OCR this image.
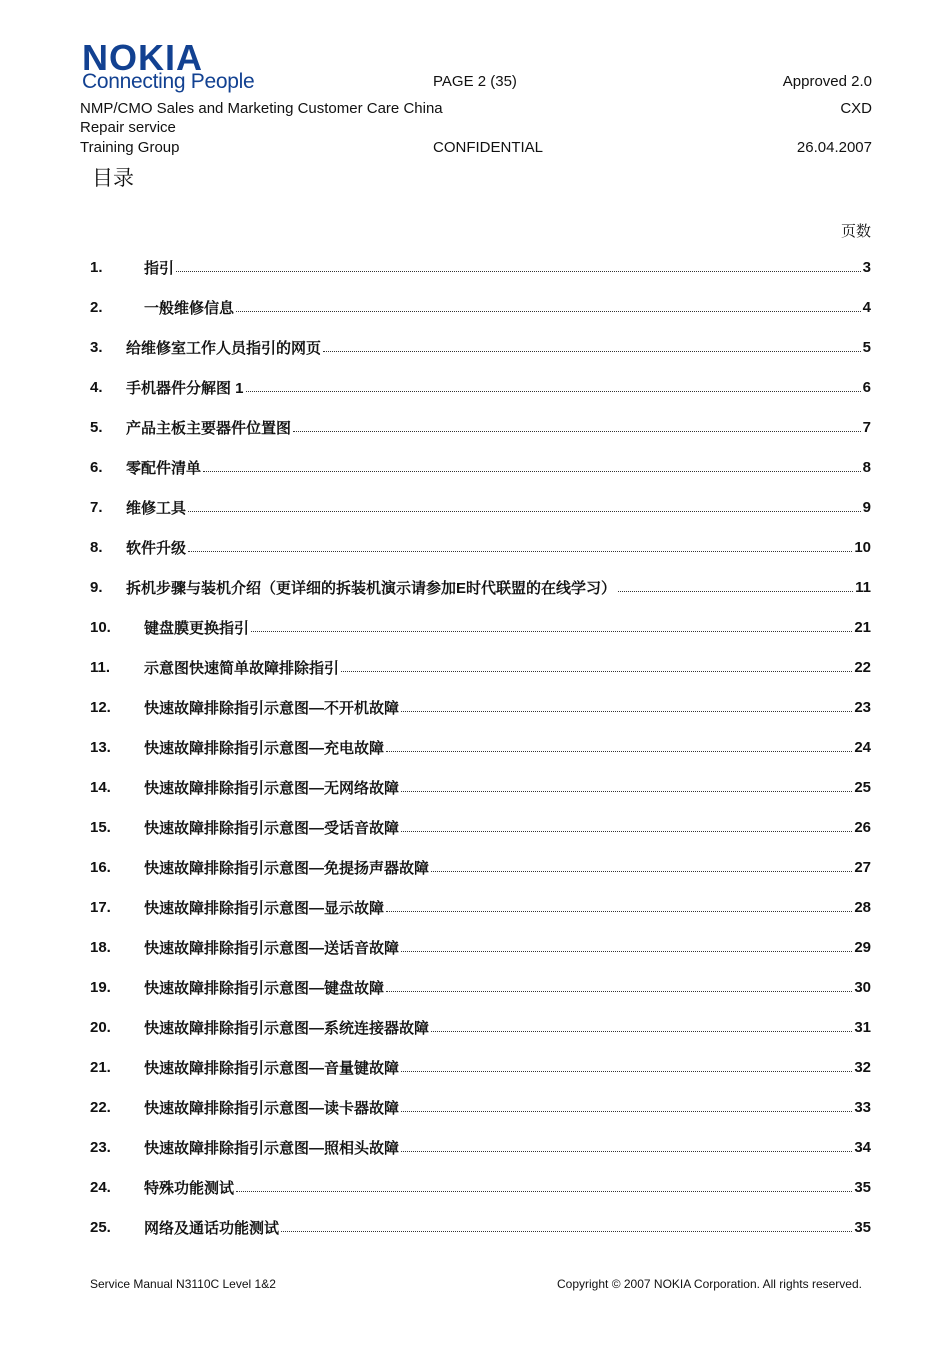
NOKIA
Connecting People	PAGE 2 (35)	Approved 2.0
NMP/CMO Sales and Marketing Customer Care China	CXD
Repair service
Training Group	CONFIDENTIAL	26.04.2007
目录
页数
1.	指引	3
2.	一般维修信息	4
3.	给维修室工作人员指引的网页	5
4.	手机器件分解图 1	6
5.	产品主板主要器件位置图	7
6.	零配件清单	8
7.	维修工具	9
8.	软件升级	10
9.	拆机步骤与装机介绍（更详细的拆装机演示请参加E时代联盟的在线学习）	11
10.	键盘膜更换指引	21
11.	示意图快速简单故障排除指引	22
12.	快速故障排除指引示意图—不开机故障	23
13.	快速故障排除指引示意图—充电故障	24
14.	快速故障排除指引示意图—无网络故障	25
15.	快速故障排除指引示意图—受话音故障	26
16.	快速故障排除指引示意图—免提扬声器故障	27
17.	快速故障排除指引示意图—显示故障	28
18.	快速故障排除指引示意图—送话音故障	29
19.	快速故障排除指引示意图—键盘故障	30
20.	快速故障排除指引示意图—系统连接器故障	31
21.	快速故障排除指引示意图—音量键故障	32
22.	快速故障排除指引示意图—读卡器故障	33
23.	快速故障排除指引示意图—照相头故障	34
24.	特殊功能测试	35
25.	网络及通话功能测试	35
Service Manual N3110C Level 1&2	Copyright © 2007 NOKIA Corporation. All rights reserved.
